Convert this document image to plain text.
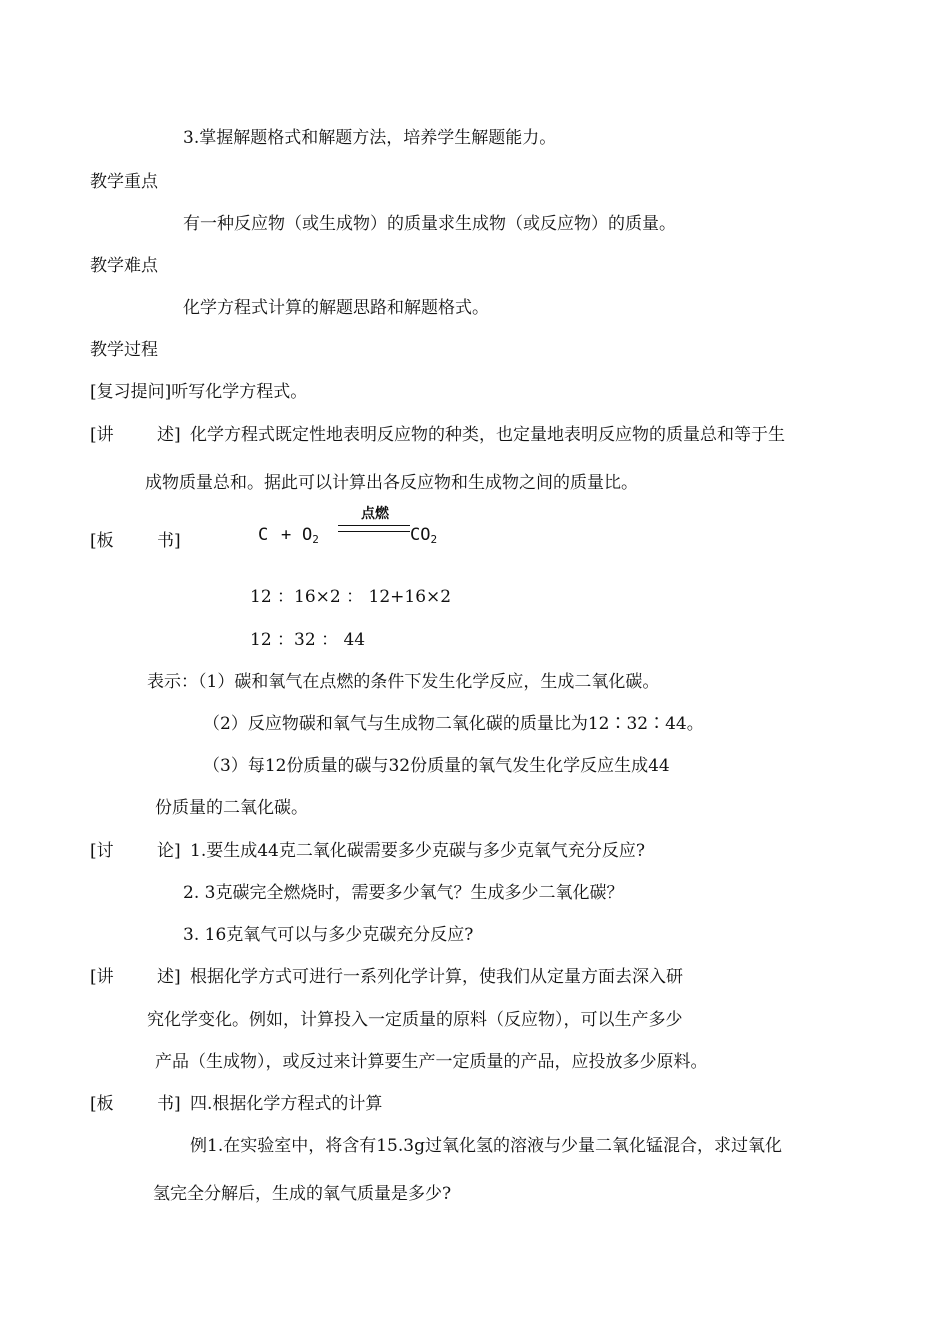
3.掌握解题格式和解题方法，培养学生解题能力。
教学重点
有一种反应物（或生成物）的质量求生成物（或反应物）的质量。
教学难点
化学方程式计算的解题思路和解题格式。
教学过程
[复习提问]听写化学方程式。
[讲	述] 化学方程式既定性地表明反应物的种类，也定量地表明反应物的质量总和等于生
成物质量总和。据此可以计算出各反应物和生成物之间的质量比。
[板	书]	$C + O_2$
点燃
$CO_2$
12 ：16×2 ： 12+16×2
12 ：32 ： 44
表示：（1）碳和氧气在点燃的条件下发生化学反应，生成二氧化碳。
（2）反应物碳和氧气与生成物二氧化碳的质量比为12∶32∶44。
（3）每12份质量的碳与32份质量的氧气发生化学反应生成44
份质量的二氧化碳。
[讨	论] 1.要生成44克二氧化碳需要多少克碳与多少克氧气充分反应?
2. 3克碳完全燃烧时，需要多少氧气？生成多少二氧化碳？
3. 16克氧气可以与多少克碳充分反应?
[讲	述] 根据化学方式可进行一系列化学计算，使我们从定量方面去深入研
究化学变化。例如，计算投入一定质量的原料（反应物），可以生产多少
产品（生成物），或反过来计算要生产一定质量的产品，应投放多少原料。
[板	书] 四.根据化学方程式的计算
例1.在实验室中，将含有15.3g过氧化氢的溶液与少量二氧化锰混合，求过氧化
氢完全分解后，生成的氧气质量是多少?
